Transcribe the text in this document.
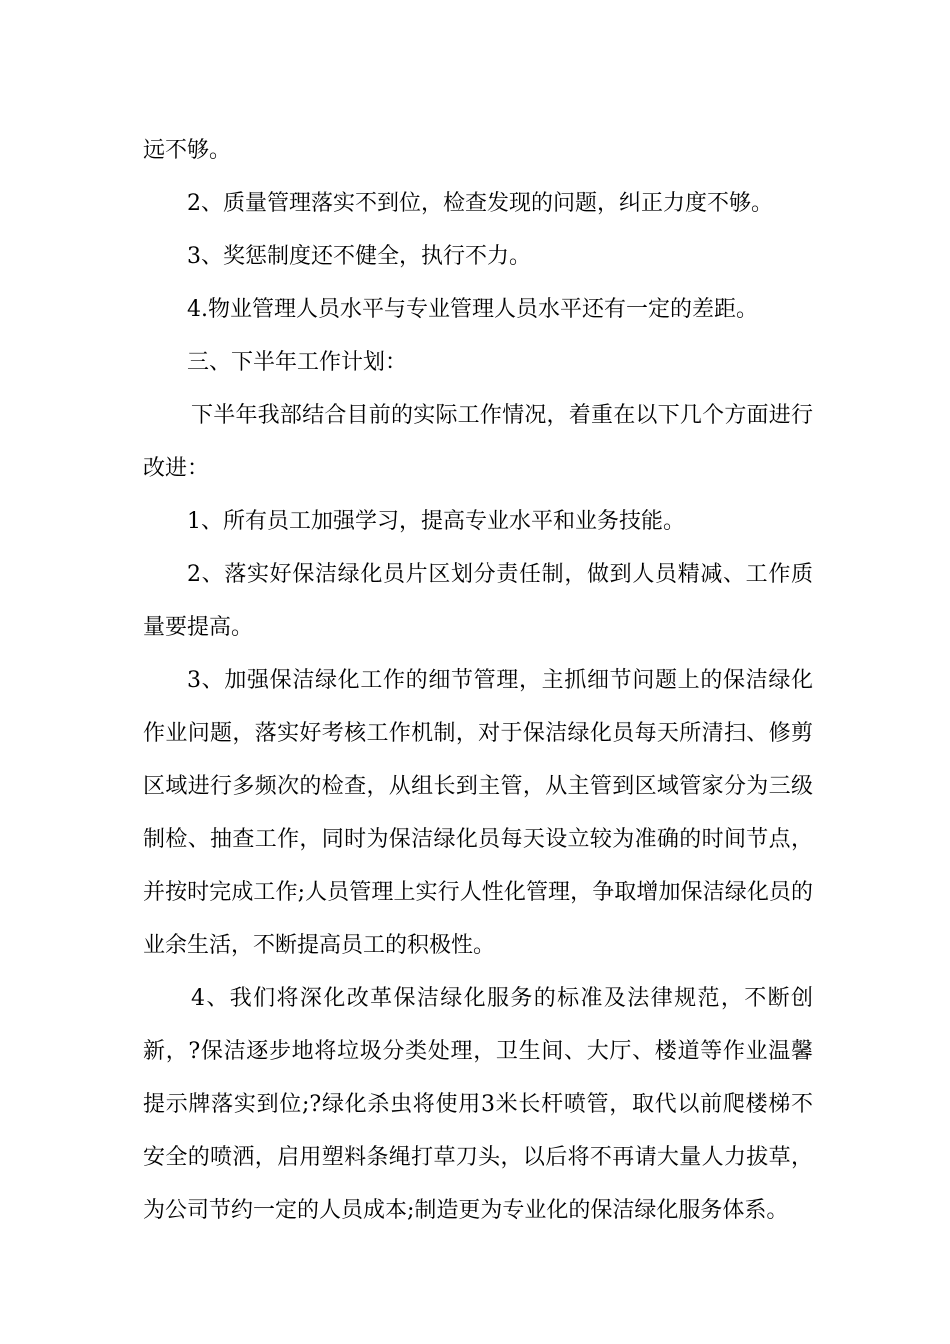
远不够。

2、质量管理落实不到位，检查发现的问题，纠正力度不够。

3、奖惩制度还不健全，执行不力。

4.物业管理人员水平与专业管理人员水平还有一定的差距。

三、下半年工作计划：

下半年我部结合目前的实际工作情况，着重在以下几个方面进行改进：

1、所有员工加强学习，提高专业水平和业务技能。

2、落实好保洁绿化员片区划分责任制，做到人员精减、工作质量要提高。

3、加强保洁绿化工作的细节管理，主抓细节问题上的保洁绿化作业问题，落实好考核工作机制，对于保洁绿化员每天所清扫、修剪区域进行多频次的检查，从组长到主管，从主管到区域管家分为三级制检、抽查工作，同时为保洁绿化员每天设立较为准确的时间节点，并按时完成工作;人员管理上实行人性化管理，争取增加保洁绿化员的业余生活，不断提高员工的积极性。

4、我们将深化改革保洁绿化服务的标准及法律规范，不断创新，?保洁逐步地将垃圾分类处理，卫生间、大厅、楼道等作业温馨提示牌落实到位;?绿化杀虫将使用3米长杆喷管，取代以前爬楼梯不安全的喷洒，启用塑料条绳打草刀头，以后将不再请大量人力拔草，为公司节约一定的人员成本;制造更为专业化的保洁绿化服务体系。
